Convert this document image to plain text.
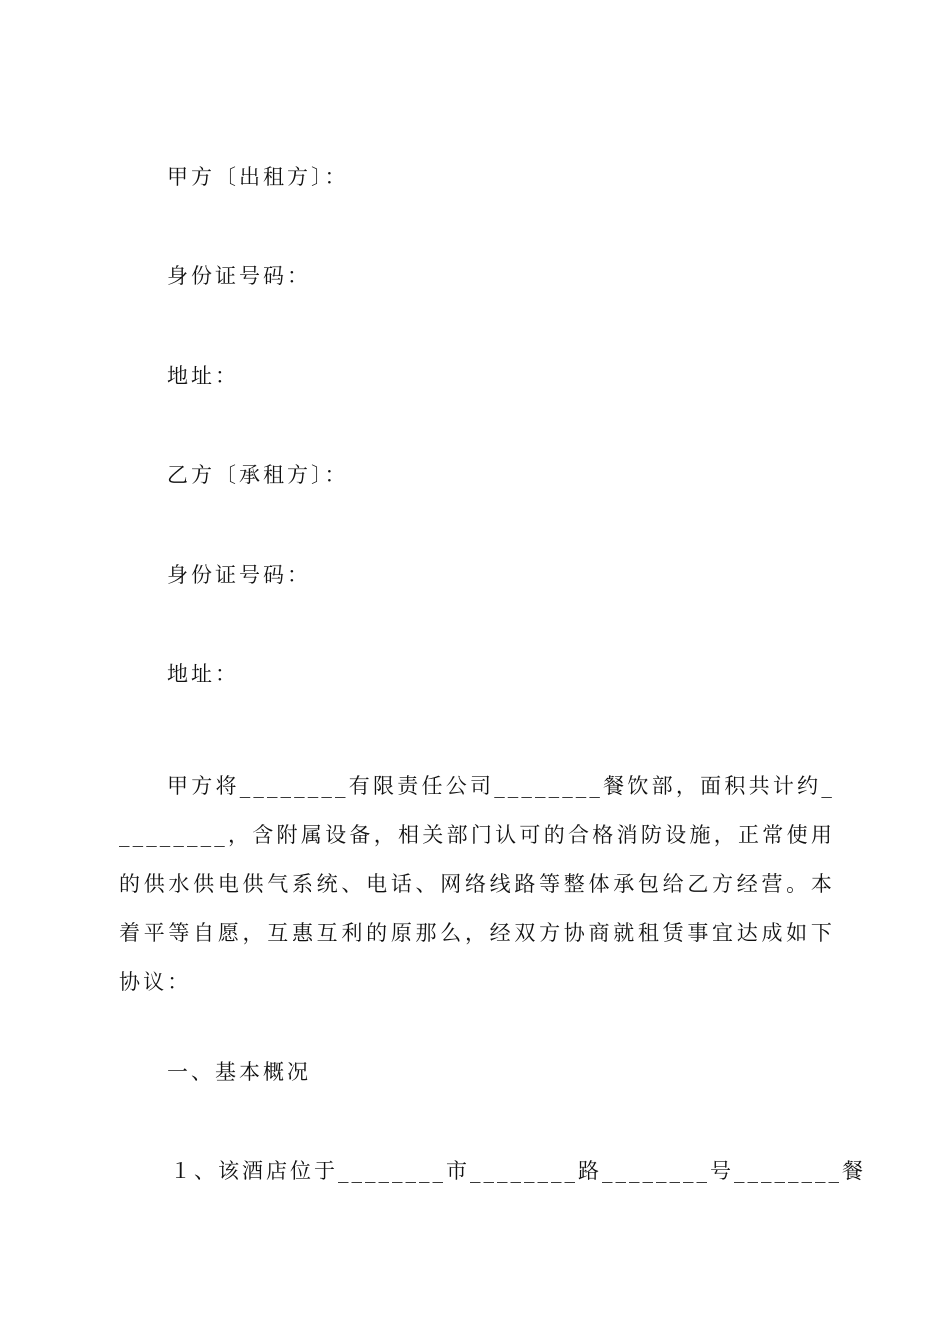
甲方〔出租方〕：
身份证号码：
地址：
乙方〔承租方〕：
身份证号码：
地址：
甲方将________有限责任公司________餐饮部，面积共计约_________，含附属设备，相关部门认可的合格消防设施，正常使用的供水供电供气系统、电话、网络线路等整体承包给乙方经营。本着平等自愿，互惠互利的原那么，经双方协商就租赁事宜达成如下协议：
一、基本概况
１、该酒店位于________市________路________号________餐
